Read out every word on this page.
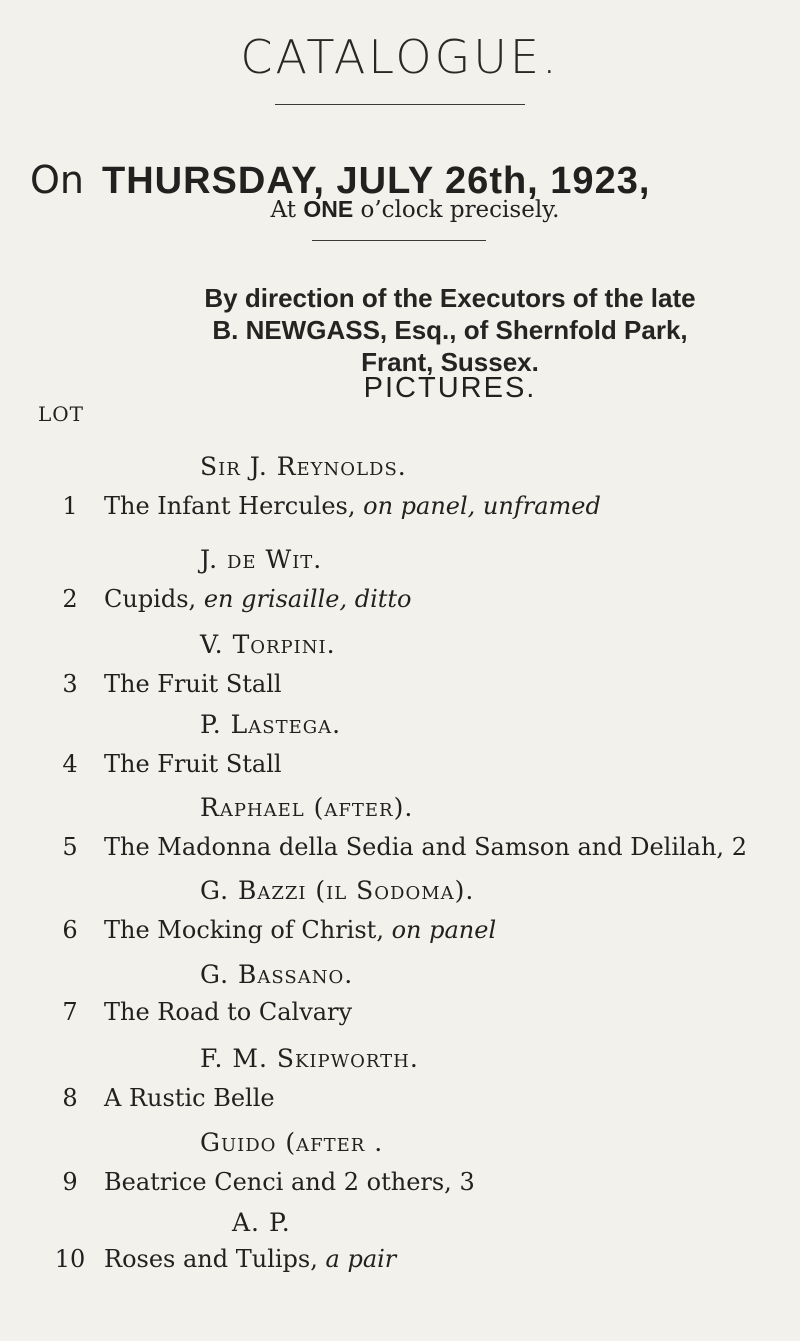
CATALOGUE.
On THURSDAY, JULY 26th, 1923,
At ONE o’clock precisely.
By direction of the Executors of the late
B. NEWGASS, Esq., of Shernfold Park,
Frant, Sussex.
PICTURES.
LOT
Sir J. Reynolds.
1	The Infant Hercules, on panel, unframed
J. de Wit.
2	Cupids, en grisaille, ditto
V. Torpini.
3	The Fruit Stall
P. Lastega.
4	The Fruit Stall
Raphael (after).
5	The Madonna della Sedia and Samson and Delilah, 2
G. Bazzi (il Sodoma).
6	The Mocking of Christ, on panel
G. Bassano.
7	The Road to Calvary
F. M. Skipworth.
8	A Rustic Belle
Guido (after .
9	Beatrice Cenci and 2 others, 3
A. P.
10 Roses and Tulips, a pair
